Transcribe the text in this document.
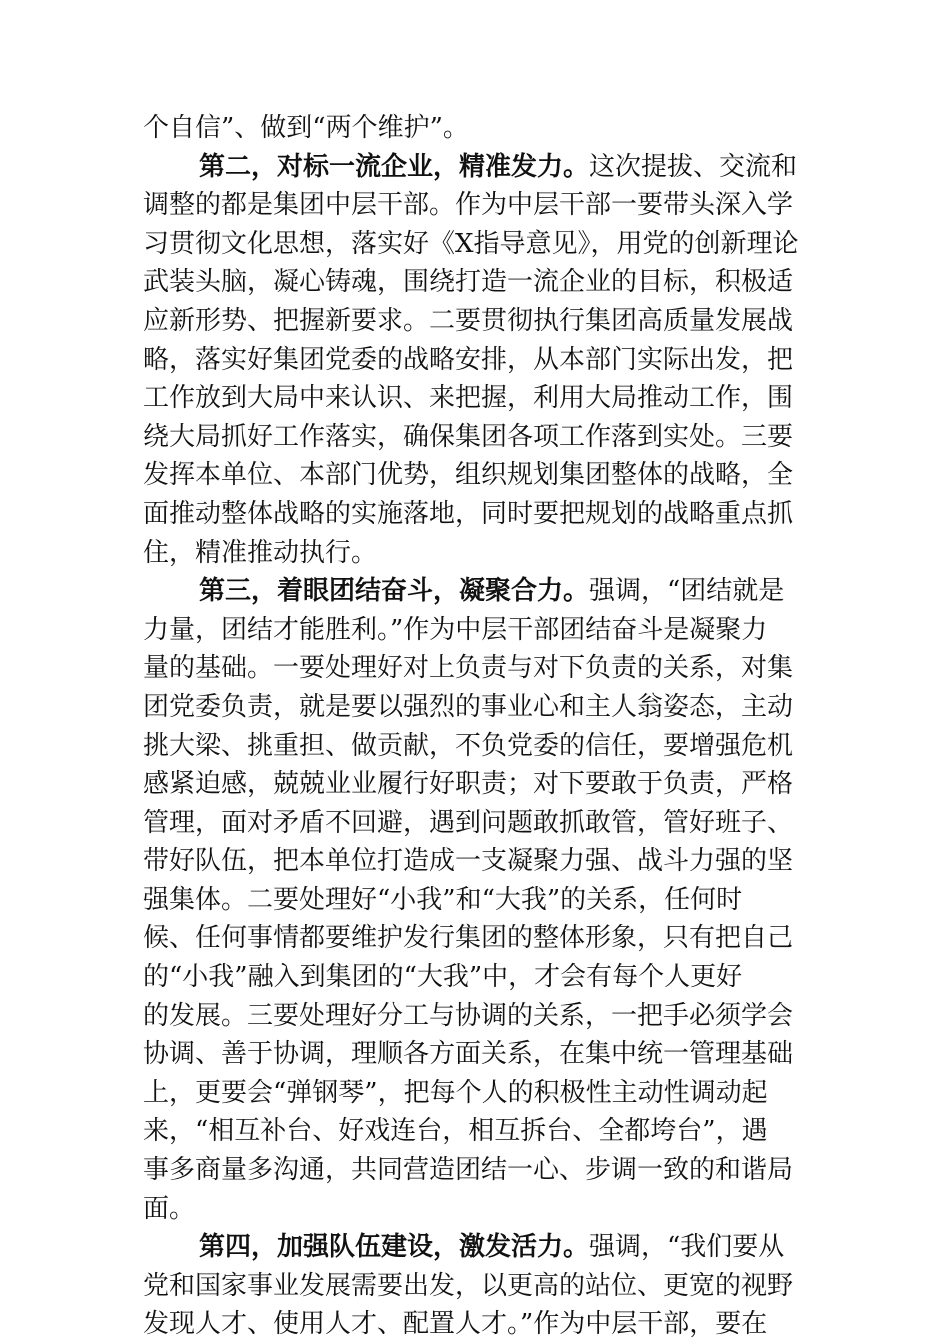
个自信”、做到“两个维护”。
第二，对标一流企业，精准发力。这次提拔、交流和
调整的都是集团中层干部。作为中层干部一要带头深入学
习贯彻文化思想，落实好《X指导意见》，用党的创新理论
武装头脑，凝心铸魂，围绕打造一流企业的目标，积极适
应新形势、把握新要求。二要贯彻执行集团高质量发展战
略，落实好集团党委的战略安排，从本部门实际出发，把
工作放到大局中来认识、来把握，利用大局推动工作，围
绕大局抓好工作落实，确保集团各项工作落到实处。三要
发挥本单位、本部门优势，组织规划集团整体的战略，全
面推动整体战略的实施落地，同时要把规划的战略重点抓
住，精准推动执行。
第三，着眼团结奋斗，凝聚合力。强调，“团结就是
力量，团结才能胜利。”作为中层干部团结奋斗是凝聚力
量的基础。一要处理好对上负责与对下负责的关系，对集
团党委负责，就是要以强烈的事业心和主人翁姿态，主动
挑大梁、挑重担、做贡献，不负党委的信任，要增强危机
感紧迫感，兢兢业业履行好职责；对下要敢于负责，严格
管理，面对矛盾不回避，遇到问题敢抓敢管，管好班子、
带好队伍，把本单位打造成一支凝聚力强、战斗力强的坚
强集体。二要处理好“小我”和“大我”的关系，任何时
候、任何事情都要维护发行集团的整体形象，只有把自己
的“小我”融入到集团的“大我”中，才会有每个人更好
的发展。三要处理好分工与协调的关系，一把手必须学会
协调、善于协调，理顺各方面关系，在集中统一管理基础
上，更要会“弹钢琴”，把每个人的积极性主动性调动起
来，“相互补台、好戏连台，相互拆台、全都垮台”，遇
事多商量多沟通，共同营造团结一心、步调一致的和谐局
面。
第四，加强队伍建设，激发活力。强调，“我们要从
党和国家事业发展需要出发，以更高的站位、更宽的视野
发现人才、使用人才、配置人才。”作为中层干部，要在
